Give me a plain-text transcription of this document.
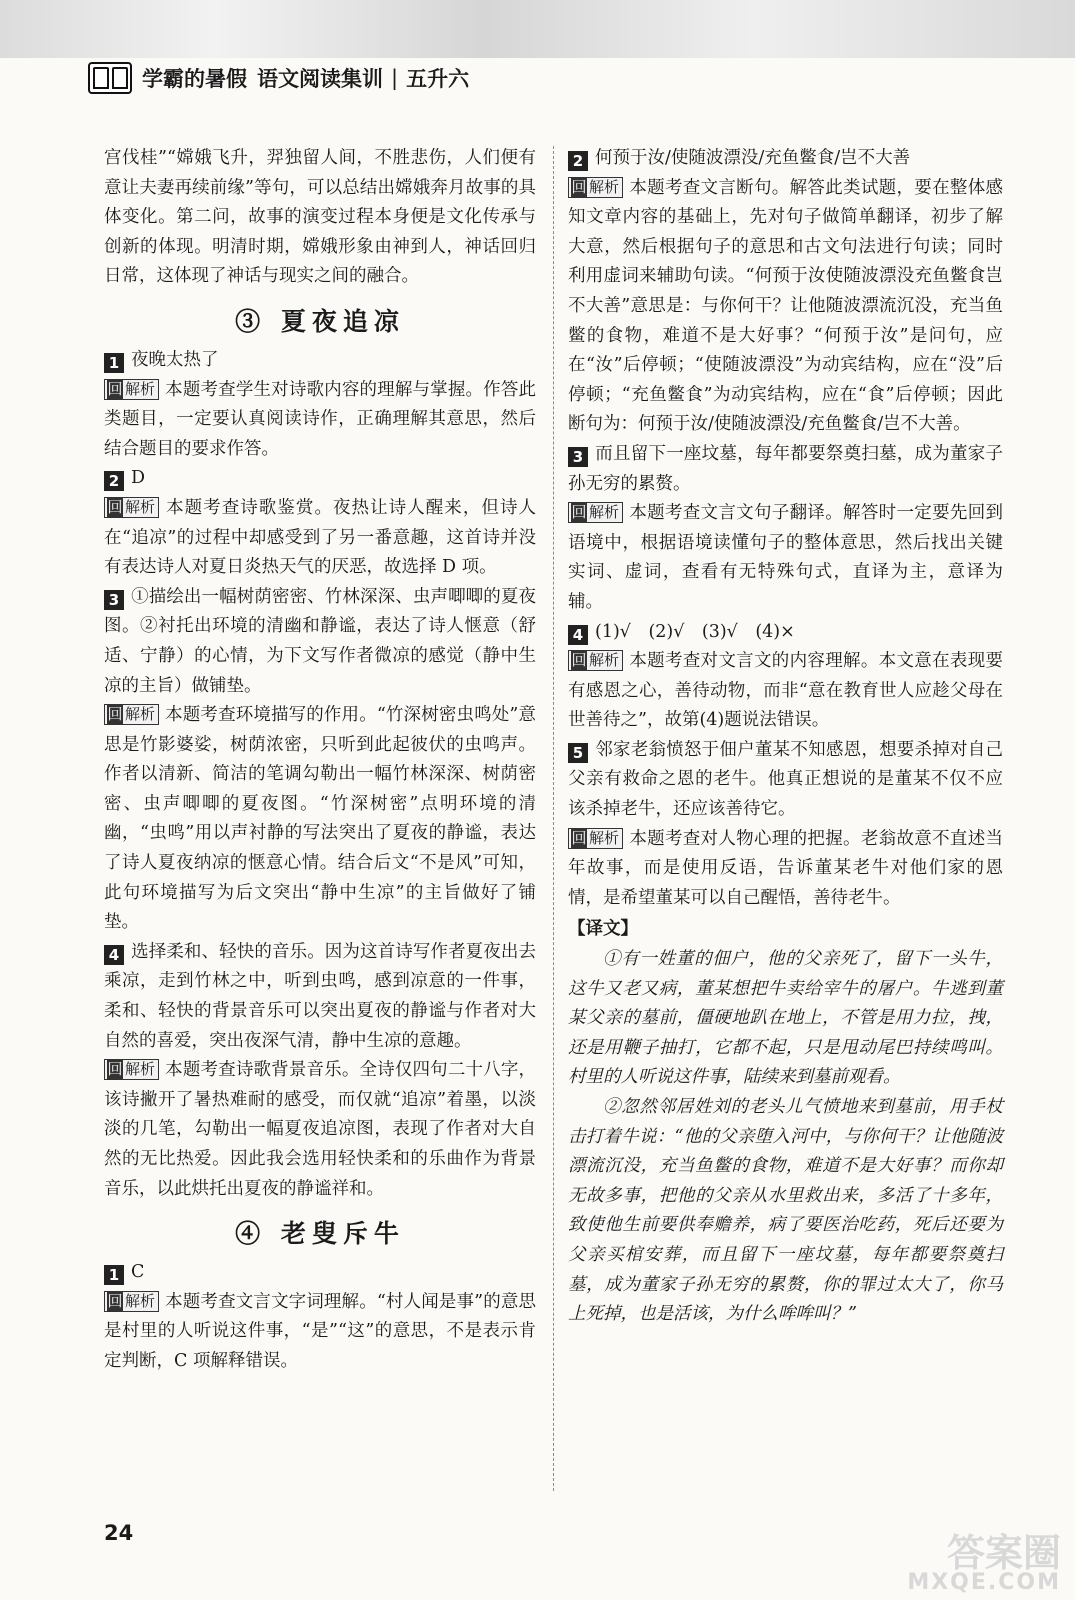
学霸的暑假 语文阅读集训 | 五升六

宫伐桂”“嫦娥飞升，羿独留人间，不胜悲伤，人们便有意让夫妻再续前缘”等句，可以总结出嫦娥奔月故事的具体变化。第二问，故事的演变过程本身便是文化传承与创新的体现。明清时期，嫦娥形象由神到人，神话回归日常，这体现了神话与现实之间的融合。

③ 夏夜追凉

1 夜晚太热了

回 解析 本题考查学生对诗歌内容的理解与掌握。作答此类题目，一定要认真阅读诗作，正确理解其意思，然后结合题目的要求作答。

2 D

回 解析 本题考查诗歌鉴赏。夜热让诗人醒来，但诗人在“追凉”的过程中却感受到了另一番意趣，这首诗并没有表达诗人对夏日炎热天气的厌恶，故选择 D 项。

3 ①描绘出一幅树荫密密、竹林深深、虫声唧唧的夏夜图。②衬托出环境的清幽和静谧，表达了诗人惬意（舒适、宁静）的心情，为下文写作者微凉的感觉（静中生凉的主旨）做铺垫。

回 解析 本题考查环境描写的作用。“竹深树密虫鸣处”意思是竹影婆娑，树荫浓密，只听到此起彼伏的虫鸣声。作者以清新、简洁的笔调勾勒出一幅竹林深深、树荫密密、虫声唧唧的夏夜图。“竹深树密”点明环境的清幽，“虫鸣”用以声衬静的写法突出了夏夜的静谧，表达了诗人夏夜纳凉的惬意心情。结合后文“不是风”可知，此句环境描写为后文突出“静中生凉”的主旨做好了铺垫。

4 选择柔和、轻快的音乐。因为这首诗写作者夏夜出去乘凉，走到竹林之中，听到虫鸣，感到凉意的一件事，柔和、轻快的背景音乐可以突出夏夜的静谧与作者对大自然的喜爱，突出夜深气清，静中生凉的意趣。

回 解析 本题考查诗歌背景音乐。全诗仅四句二十八字，该诗撇开了暑热难耐的感受，而仅就“追凉”着墨，以淡淡的几笔，勾勒出一幅夏夜追凉图，表现了作者对大自然的无比热爱。因此我会选用轻快柔和的乐曲作为背景音乐，以此烘托出夏夜的静谧祥和。

④ 老叟斥牛

1 C

回 解析 本题考查文言文字词理解。“村人闻是事”的意思是村里的人听说这件事，“是”“这”的意思，不是表示肯定判断，C 项解释错误。

2 何预于汝/使随波漂没/充鱼鳖食/岂不大善

回 解析 本题考查文言断句。解答此类试题，要在整体感知文章内容的基础上，先对句子做简单翻译，初步了解大意，然后根据句子的意思和古文句法进行句读；同时利用虚词来辅助句读。“何预于汝使随波漂没充鱼鳖食岂不大善”意思是：与你何干？让他随波漂流沉没，充当鱼鳖的食物，难道不是大好事？“何预于汝”是问句，应在“汝”后停顿；“使随波漂没”为动宾结构，应在“没”后停顿；“充鱼鳖食”为动宾结构，应在“食”后停顿；因此断句为：何预于汝/使随波漂没/充鱼鳖食/岂不大善。

3 而且留下一座坟墓，每年都要祭奠扫墓，成为董家子孙无穷的累赘。

回 解析 本题考查文言文句子翻译。解答时一定要先回到语境中，根据语境读懂句子的整体意思，然后找出关键实词、虚词，查看有无特殊句式，直译为主，意译为辅。

4 (1)√　(2)√　(3)√　(4)×

回 解析 本题考查对文言文的内容理解。本文意在表现要有感恩之心，善待动物，而非“意在教育世人应趁父母在世善待之”，故第(4)题说法错误。

5 邻家老翁愤怒于佃户董某不知感恩，想要杀掉对自己父亲有救命之恩的老牛。他真正想说的是董某不仅不应该杀掉老牛，还应该善待它。

回 解析 本题考查对人物心理的把握。老翁故意不直述当年故事，而是使用反语，告诉董某老牛对他们家的恩情，是希望董某可以自己醒悟，善待老牛。

【译文】

①有一姓董的佃户，他的父亲死了，留下一头牛，这牛又老又病，董某想把牛卖给宰牛的屠户。牛逃到董某父亲的墓前，僵硬地趴在地上，不管是用力拉，拽，还是用鞭子抽打，它都不起，只是甩动尾巴持续鸣叫。村里的人听说这件事，陆续来到墓前观看。

②忽然邻居姓刘的老头儿气愤地来到墓前，用手杖击打着牛说：“他的父亲堕入河中，与你何干？让他随波漂流沉没，充当鱼鳖的食物，难道不是大好事？而你却无故多事，把他的父亲从水里救出来，多活了十多年，致使他生前要供奉赡养，病了要医治吃药，死后还要为父亲买棺安葬，而且留下一座坟墓，每年都要祭奠扫墓，成为董家子孙无穷的累赘，你的罪过太大了，你马上死掉，也是活该，为什么哞哞叫？”

24	答案圈
MXQE.COM
